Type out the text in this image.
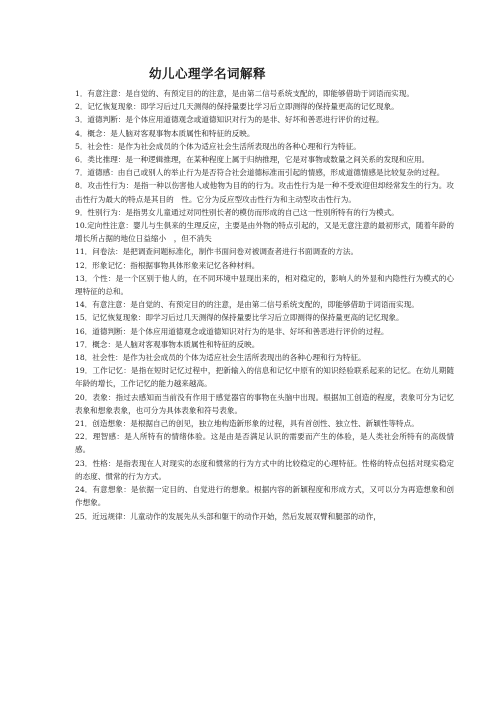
幼儿心理学名词解释

1．有意注意：是自觉的、有预定目的的注意，是由第二信号系统支配的，即能够借助于词语而实现。

2．记忆恢复现象：即学习后过几天测得的保持量要比学习后立即测得的保持量更高的记忆现象。

3．道德判断：是个体应用道德观念或道德知识对行为的是非、好坏和善恶进行评价的过程。

4．概念：是人脑对客观事物本质属性和特征的反映。

5．社会性：是作为社会成员的个体为适应社会生活所表现出的各种心理和行为特征。

6．类比推理：是一种逻辑推理，在某种程度上属于归纳推理，它是对事物或数量之间关系的发现和应用。

7．道德感：由自己或别人的举止行为是否符合社会道德标准而引起的情感，形成道德情感是比较复杂的过程。

8．攻击性行为：是指一种以伤害他人或他物为目的的行为。攻击性行为是一种不受欢迎但却经常发生的行为。攻击性行为最大的特点是其目的　性。它分为反应型攻击性行为和主动型攻击性行为。

9．性别行为：是指男女儿童通过对同性别长者的模仿而形成的自己这一性别所特有的行为模式。

10.定向性注意：婴儿与生俱来的生理反应，主要是由外物的特点引起的，又是无意注意的最初形式，随着年龄的增长所占据的地位日益缩小　，但不消失

11．问卷法：是把调查问题标准化，制作书面问卷对被调查者进行书面调查的方法。

12．形象记忆：指根据事物具体形象来记忆各种材料。

13．个性：是一个区别于他人的，在不同环境中显现出来的，相对稳定的，影响人的外显和内隐性行为模式的心理特征的总和。

14．有意注意：是自觉的、有预定目的的注意，是由第二信号系统支配的，即能够借助于词语而实现。

15．记忆恢复现象：即学习后过几天测得的保持量要比学习后立即测得的保持量更高的记忆现象。

16．道德判断：是个体应用道德观念或道德知识对行为的是非、好坏和善恶进行评价的过程。

17．概念：是人脑对客观事物本质属性和特征的反映。

18．社会性：是作为社会成员的个体为适应社会生活所表现出的各种心理和行为特征。

19．工作记忆：是指在短时记忆过程中，把新输入的信息和记忆中原有的知识经验联系起来的记忆。在幼儿期随年龄的增长，工作记忆的能力越来越高。

20．表象：指过去感知而当前没有作用于感觉器官的事物在头脑中出现。根据加工创造的程度，表象可分为记忆表象和想象表象，也可分为具体表象和符号表象。

21．创造想象：是根据自己的创见，独立地构造新形象的过程，具有首创性、独立性、新颖性等特点。

22．理智感：是人所特有的情绪体验。这是由是否满足认识的需要而产生的体验，是人类社会所特有的高级情感。

23．性格：是指表现在人对现实的态度和惯常的行为方式中的比较稳定的心理特征。性格的特点包括对现实稳定的态度、惯常的行为方式。

24．有意想象：是依据一定目的、自觉进行的想象。根据内容的新颖程度和形成方式，又可以分为再造想象和创作想象。

25．近远规律：儿童动作的发展先从头部和躯干的动作开始，然后发展双臂和腿部的动作，
